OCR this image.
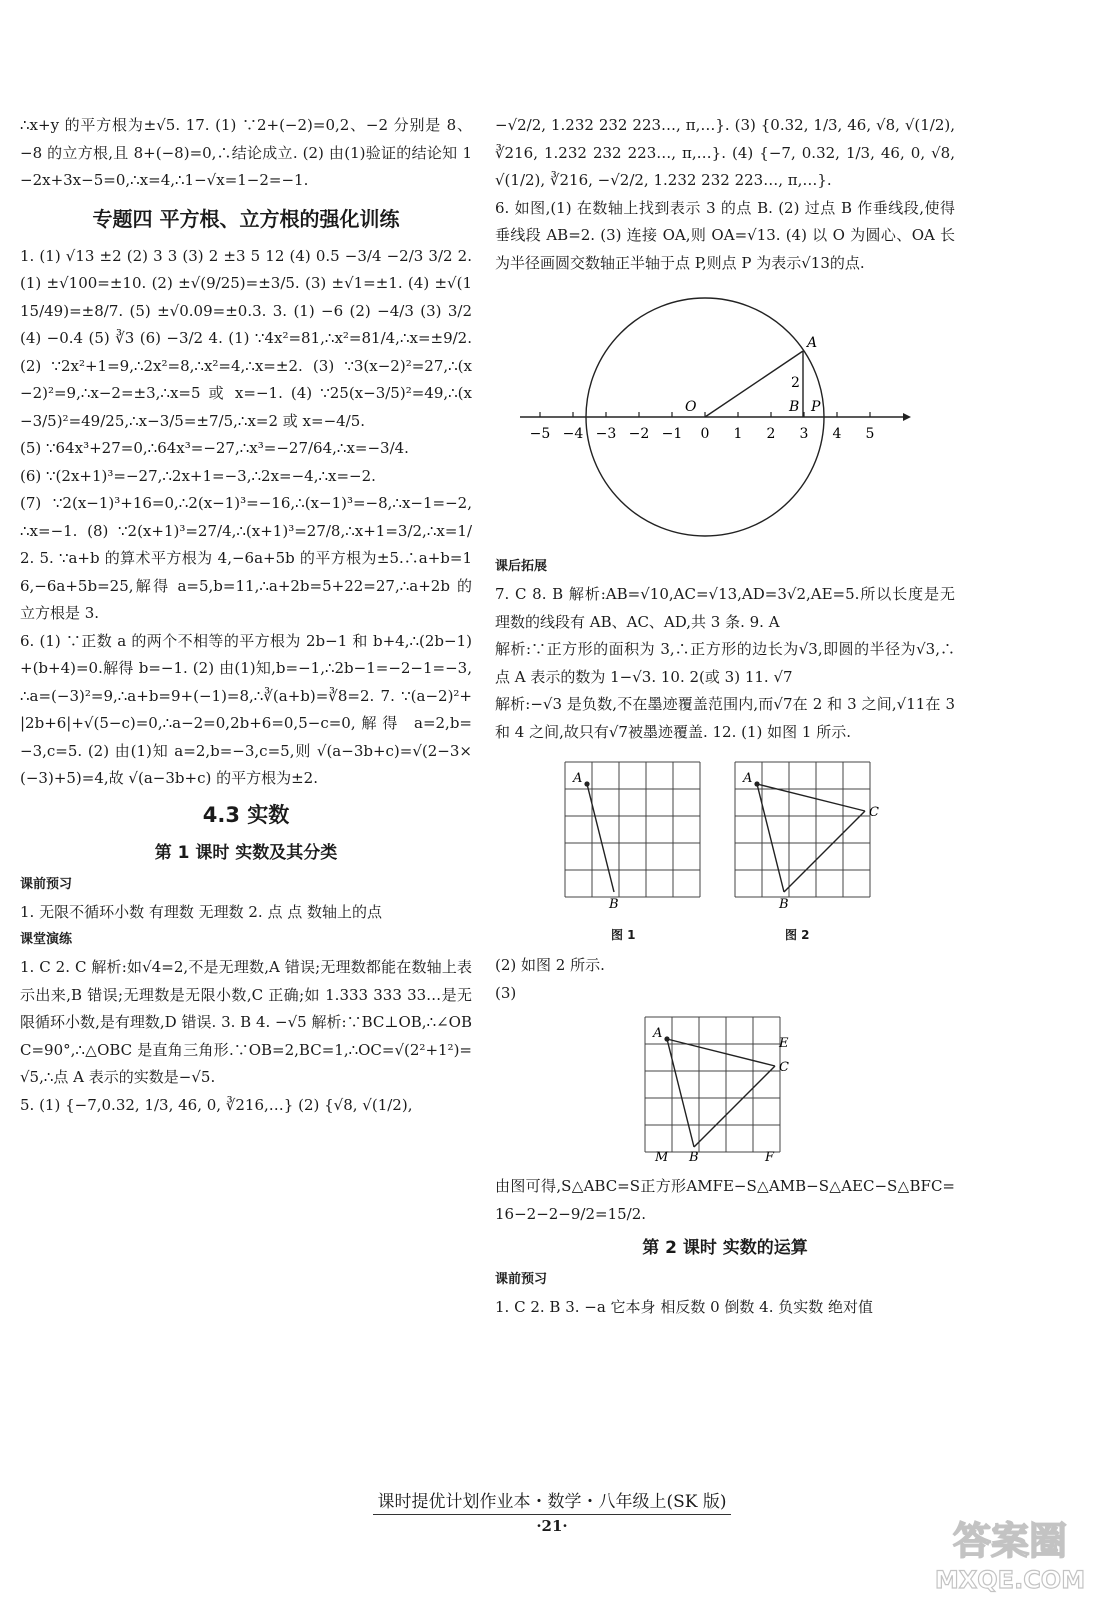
∴x+y 的平方根为±√5. 17. (1) ∵2+(−2)=0,2、−2 分别是 8、−8 的立方根,且 8+(−8)=0,∴结论成立. (2) 由(1)验证的结论知 1−2x+3x−5=0,∴x=4,∴1−√x=1−2=−1.

专题四 平方根、立方根的强化训练

1. (1) √13 ±2 (2) 3 3 (3) 2 ±3 5 12 (4) 0.5 −3/4 −2/3 3/2 2. (1) ±√100=±10. (2) ±√(9/25)=±3/5. (3) ±√1=±1. (4) ±√(1 15/49)=±8/7. (5) ±√0.09=±0.3. 3. (1) −6 (2) −4/3 (3) 3/2 (4) −0.4 (5) ∛3 (6) −3/2 4. (1) ∵4x²=81,∴x²=81/4,∴x=±9/2. (2) ∵2x²+1=9,∴2x²=8,∴x²=4,∴x=±2. (3) ∵3(x−2)²=27,∴(x−2)²=9,∴x−2=±3,∴x=5 或 x=−1. (4) ∵25(x−3/5)²=49,∴(x−3/5)²=49/25,∴x−3/5=±7/5,∴x=2 或 x=−4/5.

(5) ∵64x³+27=0,∴64x³=−27,∴x³=−27/64,∴x=−3/4.

(6) ∵(2x+1)³=−27,∴2x+1=−3,∴2x=−4,∴x=−2.

(7) ∵2(x−1)³+16=0,∴2(x−1)³=−16,∴(x−1)³=−8,∴x−1=−2,∴x=−1. (8) ∵2(x+1)³=27/4,∴(x+1)³=27/8,∴x+1=3/2,∴x=1/2. 5. ∵a+b 的算术平方根为 4,−6a+5b 的平方根为±5.∴a+b=16,−6a+5b=25,解得 a=5,b=11,∴a+2b=5+22=27,∴a+2b 的立方根是 3.

6. (1) ∵正数 a 的两个不相等的平方根为 2b−1 和 b+4,∴(2b−1)+(b+4)=0.解得 b=−1. (2) 由(1)知,b=−1,∴2b−1=−2−1=−3,∴a=(−3)²=9,∴a+b=9+(−1)=8,∴∛(a+b)=∛8=2. 7. ∵(a−2)²+|2b+6|+√(5−c)=0,∴a−2=0,2b+6=0,5−c=0,解得 a=2,b=−3,c=5. (2) 由(1)知 a=2,b=−3,c=5,则 √(a−3b+c)=√(2−3×(−3)+5)=4,故 √(a−3b+c) 的平方根为±2.

4.3 实数
第 1 课时 实数及其分类
课前预习

1. 无限不循环小数 有理数 无理数 2. 点 点 数轴上的点

课堂演练

1. C 2. C 解析:如√4=2,不是无理数,A 错误;无理数都能在数轴上表示出来,B 错误;无理数是无限小数,C 正确;如 1.333 333 33…是无限循环小数,是有理数,D 错误. 3. B 4. −√5 解析:∵BC⊥OB,∴∠OBC=90°,∴△OBC 是直角三角形.∵OB=2,BC=1,∴OC=√(2²+1²)=√5,∴点 A 表示的实数是−√5.

5. (1) {−7,0.32, 1/3, 46, 0, ∛216,…} (2) {√8, √(1/2),

−√2/2, 1.232 232 223…, π,…}. (3) {0.32, 1/3, 46, √8, √(1/2), ∛216, 1.232 232 223…, π,…}. (4) {−7, 0.32, 1/3, 46, 0, √8, √(1/2), ∛216, −√2/2, 1.232 232 223…, π,…}.

6. 如图,(1) 在数轴上找到表示 3 的点 B. (2) 过点 B 作垂线段,使得垂线段 AB=2. (3) 连接 OA,则 OA=√13. (4) 以 O 为圆心、OA 长为半径画圆交数轴正半轴于点 P,则点 P 为表示√13的点.

−5 −4 −3 −2 −1 0 1 2 3 4 5
O
A
B P
2
课后拓展

7. C 8. B 解析:AB=√10,AC=√13,AD=3√2,AE=5.所以长度是无理数的线段有 AB、AC、AD,共 3 条. 9. A

解析:∵正方形的面积为 3,∴正方形的边长为√3,即圆的半径为√3,∴点 A 表示的数为 1−√3. 10. 2(或 3) 11. √7

解析:−√3 是负数,不在墨迹覆盖范围内,而√7在 2 和 3 之间,√11在 3 和 4 之间,故只有√7被墨迹覆盖. 12. (1) 如图 1 所示.

A
B
A
B
C
图 1	图 2

(2) 如图 2 所示.

(3)

A
E
C
M B	F

由图可得,S△ABC=S正方形AMFE−S△AMB−S△AEC−S△BFC=16−2−2−9/2=15/2.

第 2 课时 实数的运算
课前预习

1. C 2. B 3. −a 它本身 相反数 0 倒数 4. 负实数 绝对值

课时提优计划作业本・数学・八年级上(SK 版)
·21·	答案圈
MXQE.COM
